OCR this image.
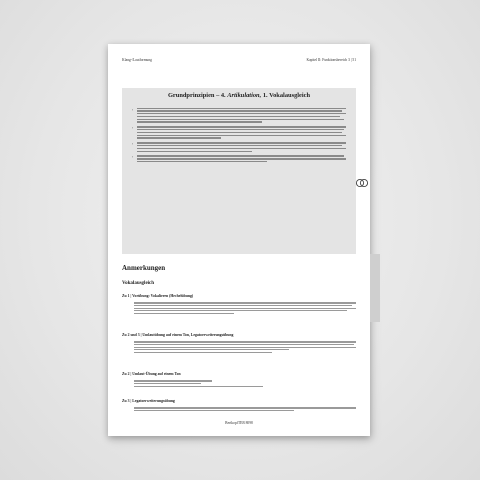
Klang-/Lautformung	Kapitel II: Funktionsbereich 3 | 51
Grundprinzipien – 4. Artikulation, 1. Vokalausgleich
•
•
•
•
Anmerkungen
Vokalausgleich
Zu 1 | Vorübung: Vokalieren (Hechelübung)
Zu 2 und 3 | Umlautübung auf einem Ton, Legatoerweiterungsübung
Zu 2 | Umlaut-Übung auf einem Ton
Zu 3 | Legatoerweiterungsübung
BertkopfTEB 8098
